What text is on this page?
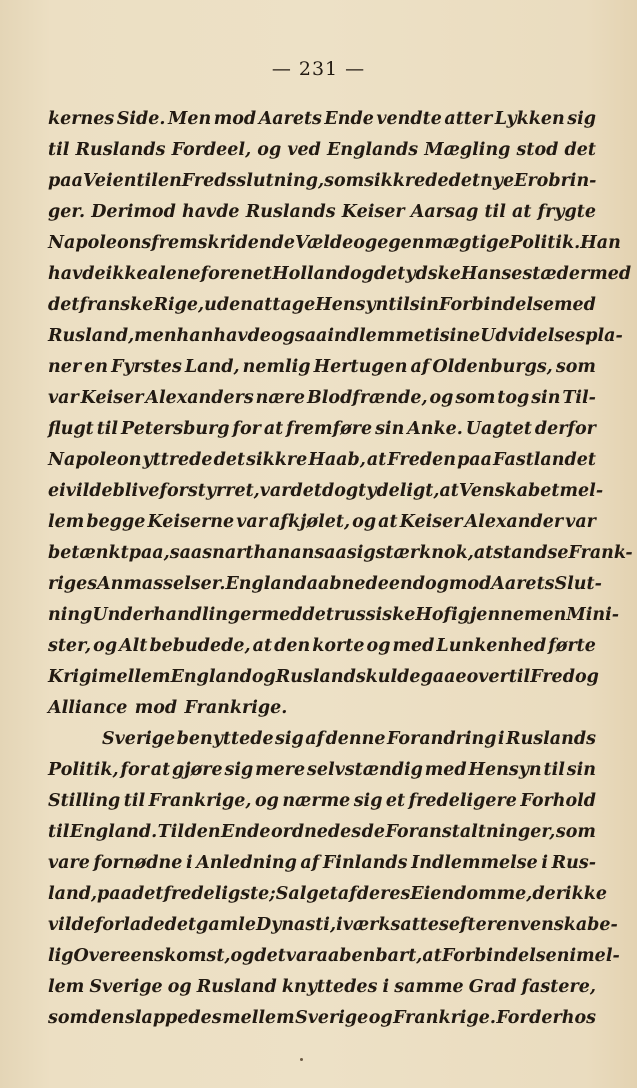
— 231 —
kernes Side. Men mod Aarets Ende vendte atter Lykken sig
til Ruslands Fordeel, og ved Englands Mægling stod det
paa Veien til en Fredsslutning, som sikkrede det nye Erobrin-
ger. Derimod havde Ruslands Keiser Aarsag til at frygte
Napoleons fremskridende Vælde og egenmægtige Politik. Han
havde ikke alene forenet Holland og de tydske Hansestæder med
det franske Rige, uden at tage Hensyn til sin Forbindelse med
Rusland, men han havde ogsaa indlemmet i sine Udvidelsespla-
ner en Fyrstes Land, nemlig Hertugen af Oldenburgs, som
var Keiser Alexanders nære Blodfrænde, og som tog sin Til-
flugt til Petersburg for at fremføre sin Anke. Uagtet derfor
Napoleon yttrede det sikkre Haab, at Freden paa Fastlandet
ei vilde blive forstyrret, var det dog tydeligt, at Venskabet mel-
lem begge Keiserne var afkjølet, og at Keiser Alexander var
betænkt paa, saasnart han ansaa sig stærk nok, at standse Frank-
riges Anmasselser. England aabnede endog mod Aarets Slut-
ning Underhandlinger med det russiske Hof igjennem en Mini-
ster, og Alt bebudede, at den korte og med Lunkenhed førte
Krig imellem England og Rusland skulde gaae over til Fred og
Alliance mod Frankrige.
Sverige benyttede sig af denne Forandring i Ruslands
Politik, for at gjøre sig mere selvstændig med Hensyn til sin
Stilling til Frankrige, og nærme sig et fredeligere Forhold
til England. Til den Ende ordnedes de Foranstaltninger, som
vare fornødne i Anledning af Finlands Indlemmelse i Rus-
land, paa det fredeligste; Salget af deres Eiendomme, der ikke
vilde forlade det gamle Dynasti, iværksattes efter en venskabe-
lig Overeenskomst, og det var aabenbart, at Forbindelsen imel-
lem Sverige og Rusland knyttedes i samme Grad fastere,
som den slappedes mellem Sverige og Frankrige. For derhos
